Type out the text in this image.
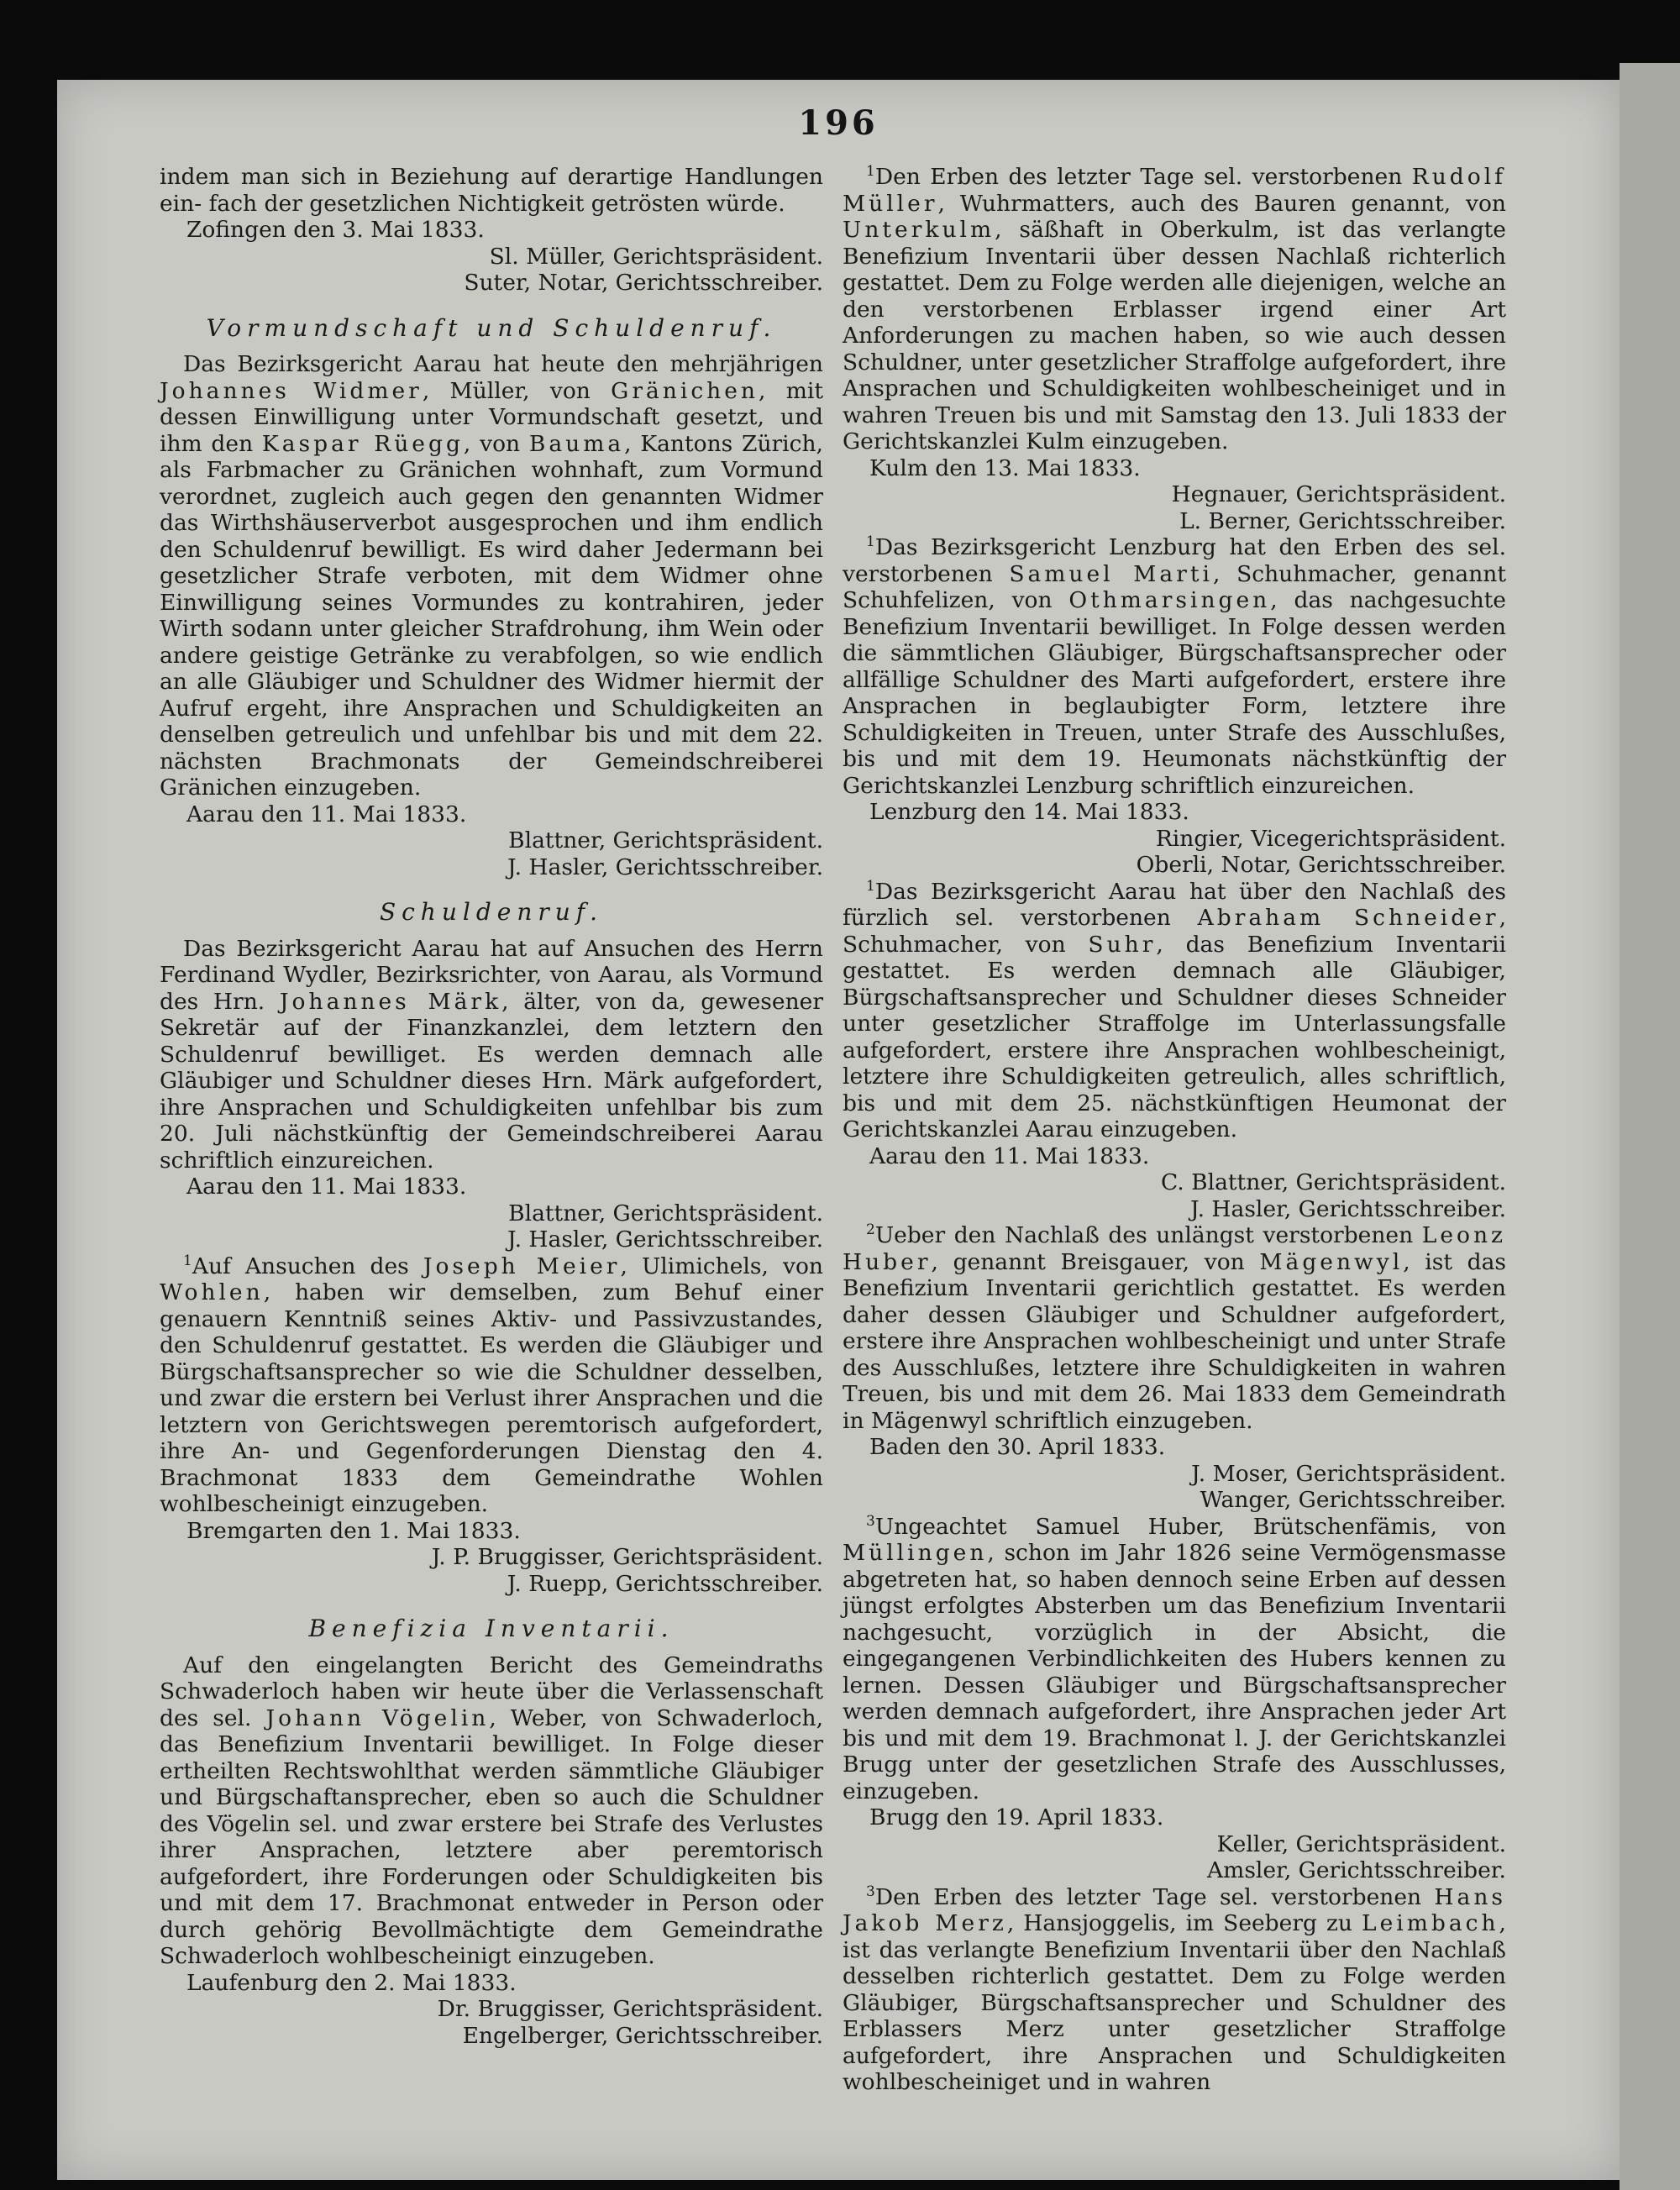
196

indem man sich in Beziehung auf derartige Handlungen ein- fach der gesetzlichen Nichtigkeit getrösten würde.

Zofingen den 3. Mai 1833.

Sl. Müller, Gerichtspräsident.

Suter, Notar, Gerichtsschreiber.

Vormundschaft und Schuldenruf.

Das Bezirksgericht Aarau hat heute den mehrjährigen Johannes Widmer, Müller, von Gränichen, mit dessen Einwilligung unter Vormundschaft gesetzt, und ihm den Kaspar Rüegg, von Bauma, Kantons Zürich, als Farbmacher zu Gränichen wohnhaft, zum Vormund verordnet, zugleich auch gegen den genannten Widmer das Wirthshäuserverbot ausgesprochen und ihm endlich den Schuldenruf bewilligt. Es wird daher Jedermann bei gesetzlicher Strafe verboten, mit dem Widmer ohne Einwilligung seines Vormundes zu kontrahiren, jeder Wirth sodann unter gleicher Strafdrohung, ihm Wein oder andere geistige Getränke zu verabfolgen, so wie endlich an alle Gläubiger und Schuldner des Widmer hiermit der Aufruf ergeht, ihre Ansprachen und Schuldigkeiten an denselben getreulich und unfehlbar bis und mit dem 22. nächsten Brachmonats der Gemeindschreiberei Gränichen einzugeben.

Aarau den 11. Mai 1833.

Blattner, Gerichtspräsident.

J. Hasler, Gerichtsschreiber.

Schuldenruf.

Das Bezirksgericht Aarau hat auf Ansuchen des Herrn Ferdinand Wydler, Bezirksrichter, von Aarau, als Vormund des Hrn. Johannes Märk, älter, von da, gewesener Sekretär auf der Finanzkanzlei, dem letztern den Schuldenruf bewilliget. Es werden demnach alle Gläubiger und Schuldner dieses Hrn. Märk aufgefordert, ihre Ansprachen und Schuldigkeiten unfehlbar bis zum 20. Juli nächstkünftig der Gemeindschreiberei Aarau schriftlich einzureichen.

Aarau den 11. Mai 1833.

Blattner, Gerichtspräsident.

J. Hasler, Gerichtsschreiber.

$^1$Auf Ansuchen des Joseph Meier, Ulimichels, von Wohlen, haben wir demselben, zum Behuf einer genauern Kenntniß seines Aktiv- und Passivzustandes, den Schuldenruf gestattet. Es werden die Gläubiger und Bürgschaftsansprecher so wie die Schuldner desselben, und zwar die erstern bei Verlust ihrer Ansprachen und die letztern von Gerichtswegen peremtorisch aufgefordert, ihre An- und Gegenforderungen Dienstag den 4. Brachmonat 1833 dem Gemeindrathe Wohlen wohlbescheinigt einzugeben.

Bremgarten den 1. Mai 1833.

J. P. Bruggisser, Gerichtspräsident.

J. Ruepp, Gerichtsschreiber.

Benefizia Inventarii.

Auf den eingelangten Bericht des Gemeindraths Schwaderloch haben wir heute über die Verlassenschaft des sel. Johann Vögelin, Weber, von Schwaderloch, das Benefizium Inventarii bewilliget. In Folge dieser ertheilten Rechtswohlthat werden sämmtliche Gläubiger und Bürgschaftansprecher, eben so auch die Schuldner des Vögelin sel. und zwar erstere bei Strafe des Verlustes ihrer Ansprachen, letztere aber peremtorisch aufgefordert, ihre Forderungen oder Schuldigkeiten bis und mit dem 17. Brachmonat entweder in Person oder durch gehörig Bevollmächtigte dem Gemeindrathe Schwaderloch wohlbescheinigt einzugeben.

Laufenburg den 2. Mai 1833.

Dr. Bruggisser, Gerichtspräsident.

Engelberger, Gerichtsschreiber.

$^1$Den Erben des letzter Tage sel. verstorbenen Rudolf Müller, Wuhrmatters, auch des Bauren genannt, von Unterkulm, säßhaft in Oberkulm, ist das verlangte Benefizium Inventarii über dessen Nachlaß richterlich gestattet. Dem zu Folge werden alle diejenigen, welche an den verstorbenen Erblasser irgend einer Art Anforderungen zu machen haben, so wie auch dessen Schuldner, unter gesetzlicher Straffolge aufgefordert, ihre Ansprachen und Schuldigkeiten wohlbescheiniget und in wahren Treuen bis und mit Samstag den 13. Juli 1833 der Gerichtskanzlei Kulm einzugeben.

Kulm den 13. Mai 1833.

Hegnauer, Gerichtspräsident.

L. Berner, Gerichtsschreiber.

$^1$Das Bezirksgericht Lenzburg hat den Erben des sel. verstorbenen Samuel Marti, Schuhmacher, genannt Schuhfelizen, von Othmarsingen, das nachgesuchte Benefizium Inventarii bewilliget. In Folge dessen werden die sämmtlichen Gläubiger, Bürgschaftsansprecher oder allfällige Schuldner des Marti aufgefordert, erstere ihre Ansprachen in beglaubigter Form, letztere ihre Schuldigkeiten in Treuen, unter Strafe des Ausschlußes, bis und mit dem 19. Heumonats nächstkünftig der Gerichtskanzlei Lenzburg schriftlich einzureichen.

Lenzburg den 14. Mai 1833.

Ringier, Vicegerichtspräsident.

Oberli, Notar, Gerichtsschreiber.

$^1$Das Bezirksgericht Aarau hat über den Nachlaß des fürzlich sel. verstorbenen Abraham Schneider, Schuhmacher, von Suhr, das Benefizium Inventarii gestattet. Es werden demnach alle Gläubiger, Bürgschaftsansprecher und Schuldner dieses Schneider unter gesetzlicher Straffolge im Unterlassungsfalle aufgefordert, erstere ihre Ansprachen wohlbescheinigt, letztere ihre Schuldigkeiten getreulich, alles schriftlich, bis und mit dem 25. nächstkünftigen Heumonat der Gerichtskanzlei Aarau einzugeben.

Aarau den 11. Mai 1833.

C. Blattner, Gerichtspräsident.

J. Hasler, Gerichtsschreiber.

$^2$Ueber den Nachlaß des unlängst verstorbenen Leonz Huber, genannt Breisgauer, von Mägenwyl, ist das Benefizium Inventarii gerichtlich gestattet. Es werden daher dessen Gläubiger und Schuldner aufgefordert, erstere ihre Ansprachen wohlbescheinigt und unter Strafe des Ausschlußes, letztere ihre Schuldigkeiten in wahren Treuen, bis und mit dem 26. Mai 1833 dem Gemeindrath in Mägenwyl schriftlich einzugeben.

Baden den 30. April 1833.

J. Moser, Gerichtspräsident.

Wanger, Gerichtsschreiber.

$^3$Ungeachtet Samuel Huber, Brütschenfämis, von Müllingen, schon im Jahr 1826 seine Vermögensmasse abgetreten hat, so haben dennoch seine Erben auf dessen jüngst erfolgtes Absterben um das Benefizium Inventarii nachgesucht, vorzüglich in der Absicht, die eingegangenen Verbindlichkeiten des Hubers kennen zu lernen. Dessen Gläubiger und Bürgschaftsansprecher werden demnach aufgefordert, ihre Ansprachen jeder Art bis und mit dem 19. Brachmonat l. J. der Gerichtskanzlei Brugg unter der gesetzlichen Strafe des Ausschlusses, einzugeben.

Brugg den 19. April 1833.

Keller, Gerichtspräsident.

Amsler, Gerichtsschreiber.

$^3$Den Erben des letzter Tage sel. verstorbenen Hans Jakob Merz, Hansjoggelis, im Seeberg zu Leimbach, ist das verlangte Benefizium Inventarii über den Nachlaß desselben richterlich gestattet. Dem zu Folge werden Gläubiger, Bürgschaftsansprecher und Schuldner des Erblassers Merz unter gesetzlicher Straffolge aufgefordert, ihre Ansprachen und Schuldigkeiten wohlbescheiniget und in wahren
